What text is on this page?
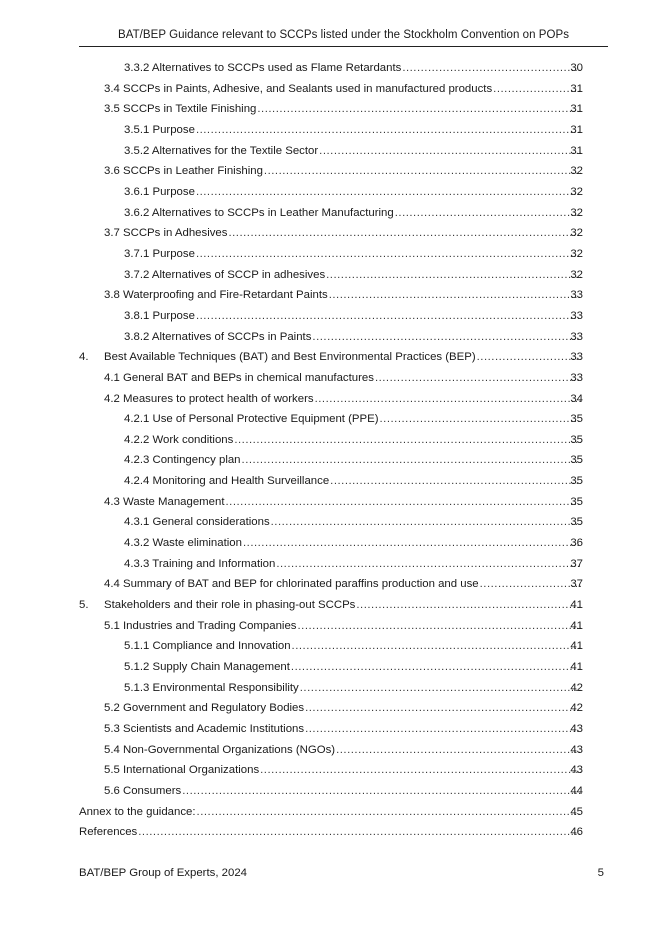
BAT/BEP Guidance relevant to SCCPs listed under the Stockholm Convention on POPs
3.3.2 Alternatives to SCCPs used as Flame Retardants .....	30
3.4 SCCPs in Paints, Adhesive, and Sealants used in manufactured products .....	31
3.5 SCCPs in Textile Finishing .....	31
3.5.1 Purpose .....	31
3.5.2 Alternatives for the Textile Sector .....	31
3.6 SCCPs in Leather Finishing .....	32
3.6.1 Purpose .....	32
3.6.2 Alternatives to SCCPs in Leather Manufacturing .....	32
3.7 SCCPs in Adhesives .....	32
3.7.1 Purpose .....	32
3.7.2 Alternatives of SCCP in adhesives .....	32
3.8 Waterproofing and Fire-Retardant Paints .....	33
3.8.1 Purpose .....	33
3.8.2 Alternatives of SCCPs in Paints .....	33
4.	Best Available Techniques (BAT) and Best Environmental Practices (BEP) .....	33
4.1 General BAT and BEPs in chemical manufactures .....	33
4.2 Measures to protect health of workers .....	34
4.2.1 Use of Personal Protective Equipment (PPE) .....	35
4.2.2 Work conditions .....	35
4.2.3 Contingency plan .....	35
4.2.4 Monitoring and Health Surveillance .....	35
4.3 Waste Management .....	35
4.3.1 General considerations .....	35
4.3.2 Waste elimination .....	36
4.3.3 Training and Information .....	37
4.4 Summary of BAT and BEP for chlorinated paraffins production and use .....	37
5.	Stakeholders and their role in phasing-out SCCPs .....	41
5.1 Industries and Trading Companies .....	41
5.1.1 Compliance and Innovation .....	41
5.1.2 Supply Chain Management .....	41
5.1.3 Environmental Responsibility .....	42
5.2 Government and Regulatory Bodies .....	42
5.3 Scientists and Academic Institutions .....	43
5.4 Non-Governmental Organizations (NGOs) .....	43
5.5 International Organizations .....	43
5.6 Consumers .....	44
Annex to the guidance: .....	45
References .....	46
BAT/BEP Group of Experts, 2024	5
